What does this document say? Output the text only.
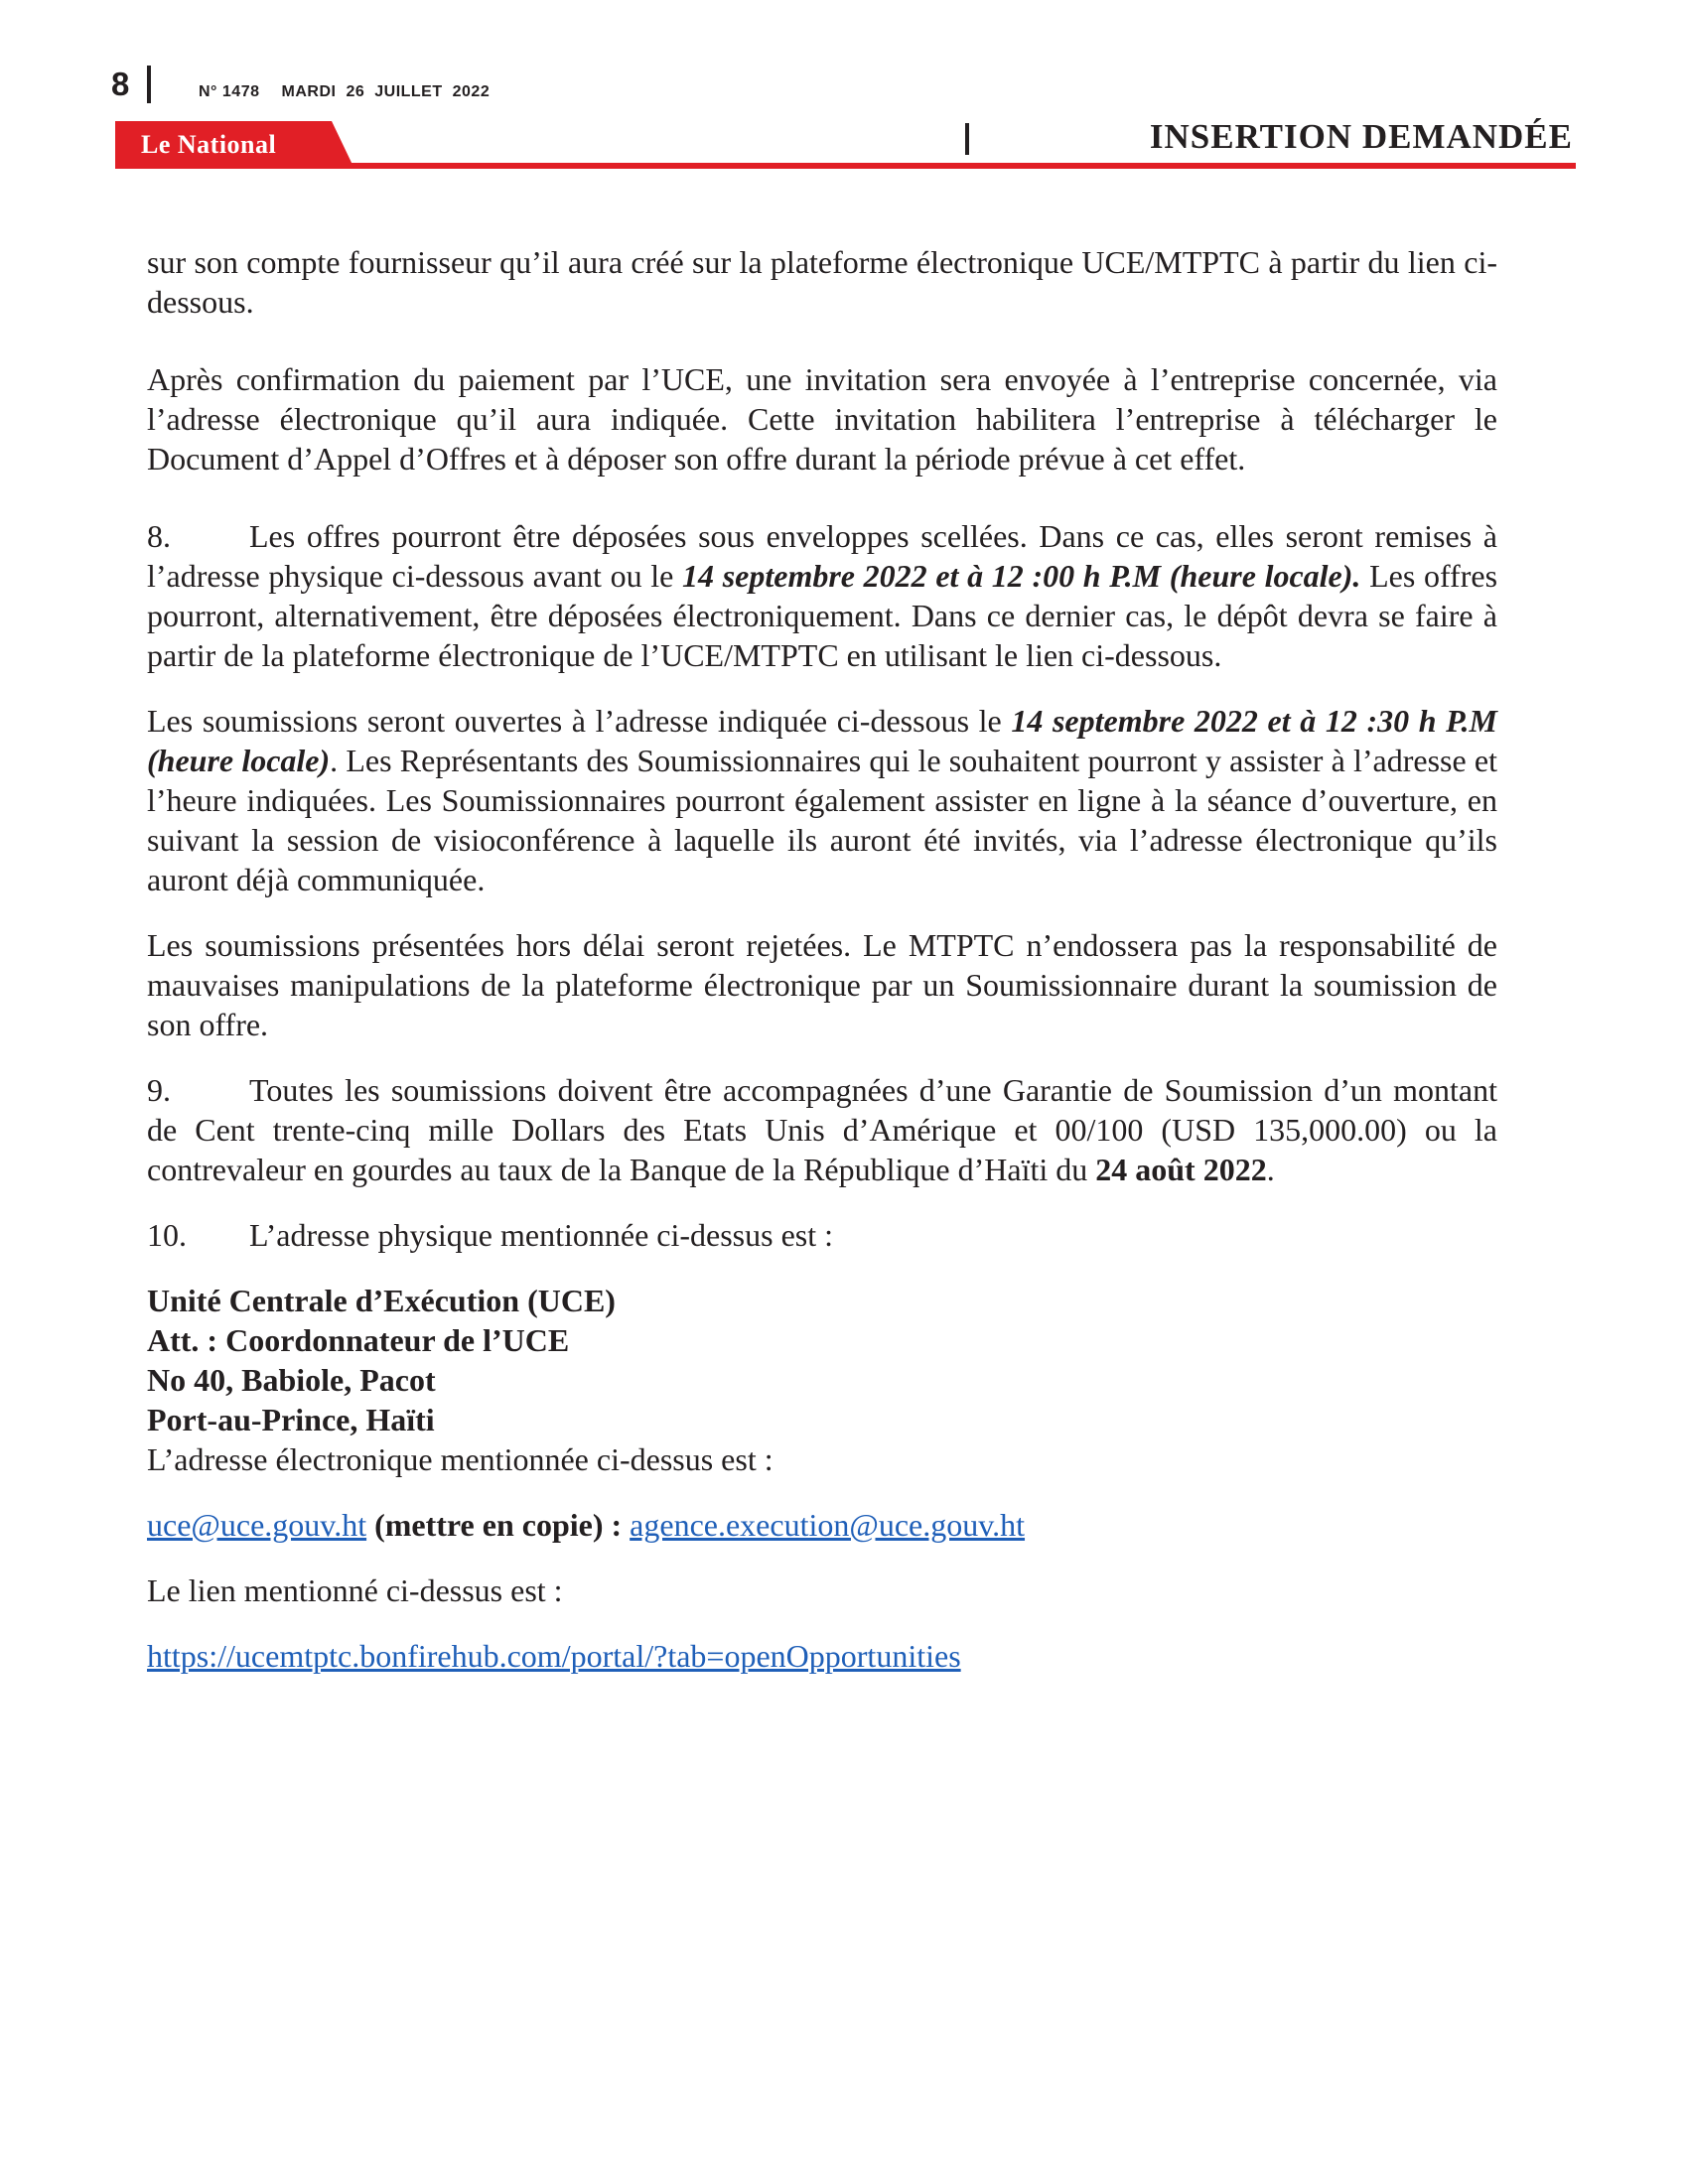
8	N° 1478 MARDI 26 JUILLET 2022
Le National	INSERTION DEMANDÉE

sur son compte fournisseur qu’il aura créé sur la plateforme électronique UCE/MTPTC à partir du lien ci-dessous.

Après confirmation du paiement par l’UCE, une invitation sera envoyée à l’entreprise concernée, via l’adresse électronique qu’il aura indiquée. Cette invitation habilitera l’entreprise à télécharger le Document d’Appel d’Offres et à déposer son offre durant la période prévue à cet effet.

8. Les offres pourront être déposées sous enveloppes scellées. Dans ce cas, elles seront remises à l’adresse physique ci-dessous avant ou le 14 septembre 2022 et à 12 :00 h P.M (heure locale). Les offres pourront, alternativement, être déposées électroniquement. Dans ce dernier cas, le dépôt devra se faire à partir de la plateforme électronique de l’UCE/MTPTC en utilisant le lien ci-dessous.

Les soumissions seront ouvertes à l’adresse indiquée ci-dessous le 14 septembre 2022 et à 12 :30 h P.M (heure locale). Les Représentants des Soumissionnaires qui le souhaitent pourront y assister à l’adresse et l’heure indiquées. Les Soumissionnaires pourront également assister en ligne à la séance d’ouverture, en suivant la session de visioconférence à laquelle ils auront été invités, via l’adresse électronique qu’ils auront déjà communiquée.

Les soumissions présentées hors délai seront rejetées. Le MTPTC n’endossera pas la responsabilité de mauvaises manipulations de la plateforme électronique par un Soumissionnaire durant la soumission de son offre.

9. Toutes les soumissions doivent être accompagnées d’une Garantie de Soumission d’un montant de Cent trente-cinq mille Dollars des Etats Unis d’Amérique et 00/100 (USD 135,000.00) ou la contrevaleur en gourdes au taux de la Banque de la République d’Haïti du 24 août 2022.

10. L’adresse physique mentionnée ci-dessus est :

Unité Centrale d’Exécution (UCE)
Att. : Coordonnateur de l’UCE
No 40, Babiole, Pacot
Port-au-Prince, Haïti
L’adresse électronique mentionnée ci-dessus est :

uce@uce.gouv.ht (mettre en copie) : agence.execution@uce.gouv.ht

Le lien mentionné ci-dessus est :

https://ucemtptc.bonfirehub.com/portal/?tab=openOpportunities
